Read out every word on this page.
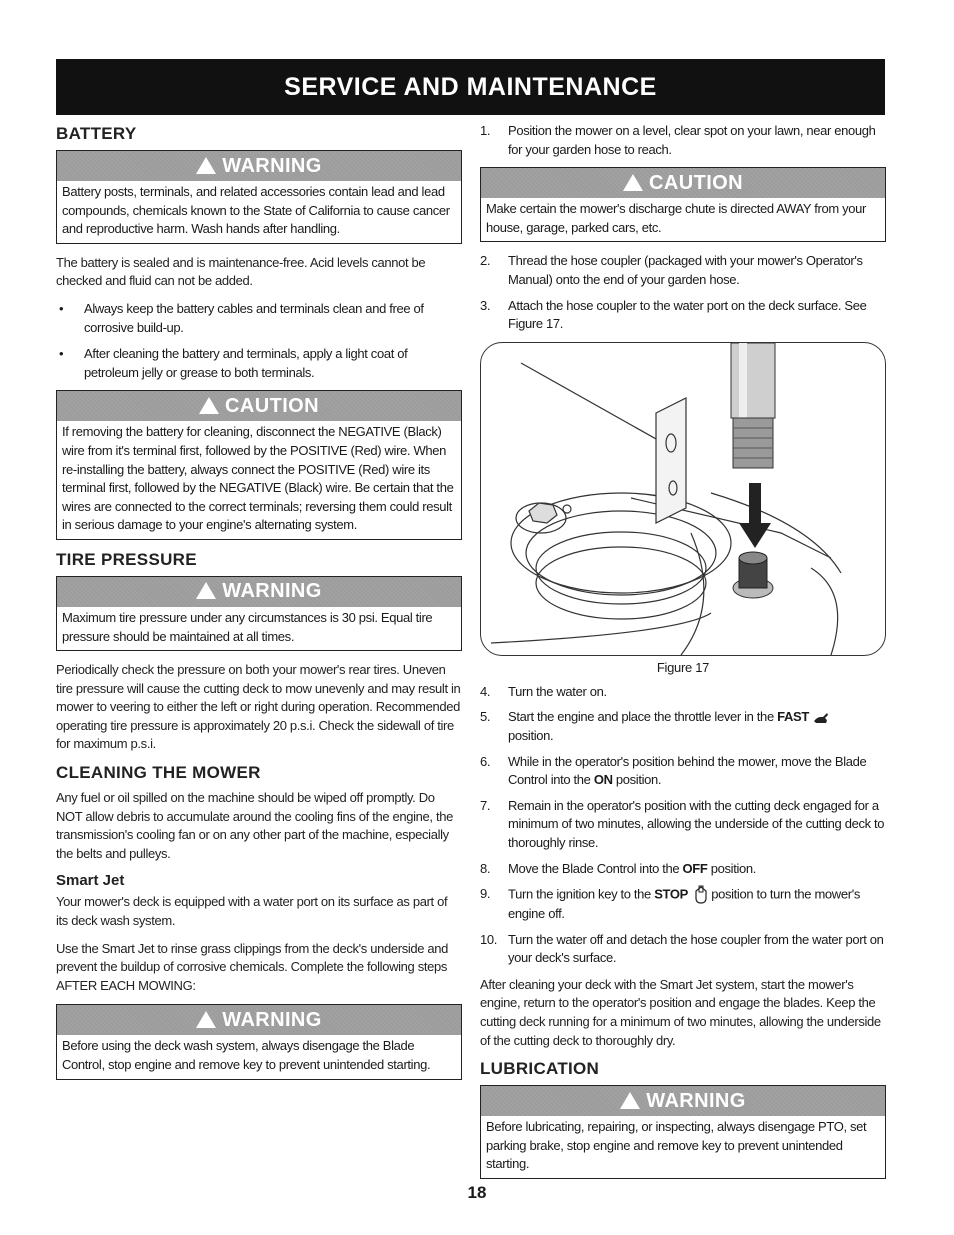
SERVICE AND MAINTENANCE
BATTERY
WARNING
Battery posts, terminals, and related accessories contain lead and lead compounds, chemicals known to the State of California to cause cancer and reproductive harm. Wash hands after handling.

The battery is sealed and is maintenance-free. Acid levels cannot be checked and fluid can not be added.

• Always keep the battery cables and terminals clean and free of corrosive build-up.
• After cleaning the battery and terminals, apply a light coat of petroleum jelly or grease to both terminals.
CAUTION
If removing the battery for cleaning, disconnect the NEGATIVE (Black) wire from it's terminal first, followed by the POSITIVE (Red) wire. When re-installing the battery, always connect the POSITIVE (Red) wire its terminal first, followed by the NEGATIVE (Black) wire. Be certain that the wires are connected to the correct terminals; reversing them could result in serious damage to your engine's alternating system.
TIRE PRESSURE
WARNING
Maximum tire pressure under any circumstances is 30 psi. Equal tire pressure should be maintained at all times.

Periodically check the pressure on both your mower's rear tires. Uneven tire pressure will cause the cutting deck to mow unevenly and may result in mower to veering to either the left or right during operation. Recommended operating tire pressure is approximately 20 p.s.i. Check the sidewall of tire for maximum p.s.i.

CLEANING THE MOWER

Any fuel or oil spilled on the machine should be wiped off promptly. Do NOT allow debris to accumulate around the cooling fins of the engine, the transmission's cooling fan or on any other part of the machine, especially the belts and pulleys.

Smart Jet

Your mower's deck is equipped with a water port on its surface as part of its deck wash system.

Use the Smart Jet to rinse grass clippings from the deck's underside and prevent the buildup of corrosive chemicals. Complete the following steps AFTER EACH MOWING:

WARNING
Before using the deck wash system, always disengage the Blade Control, stop engine and remove key to prevent unintended starting.
1. Position the mower on a level, clear spot on your lawn, near enough for your garden hose to reach.
CAUTION
Make certain the mower's discharge chute is directed AWAY from your house, garage, parked cars, etc.
2. Thread the hose coupler (packaged with your mower's Operator's Manual) onto the end of your garden hose.
3. Attach the hose coupler to the water port on the deck surface. See Figure 17.
Figure 17
4. Turn the water on.
5. Start the engine and place the throttle lever in the FAST
position.
6. While in the operator's position behind the mower, move the Blade Control into the ON position.
7. Remain in the operator's position with the cutting deck engaged for a minimum of two minutes, allowing the underside of the cutting deck to thoroughly rinse.
8. Move the Blade Control into the OFF position.
9. Turn the ignition key to the STOP position to turn the mower's engine off.
10. Turn the water off and detach the hose coupler from the water port on your deck's surface.

After cleaning your deck with the Smart Jet system, start the mower's engine, return to the operator's position and engage the blades. Keep the cutting deck running for a minimum of two minutes, allowing the underside of the cutting deck to thoroughly dry.

LUBRICATION
WARNING
Before lubricating, repairing, or inspecting, always disengage PTO, set parking brake, stop engine and remove key to prevent unintended starting.
18
